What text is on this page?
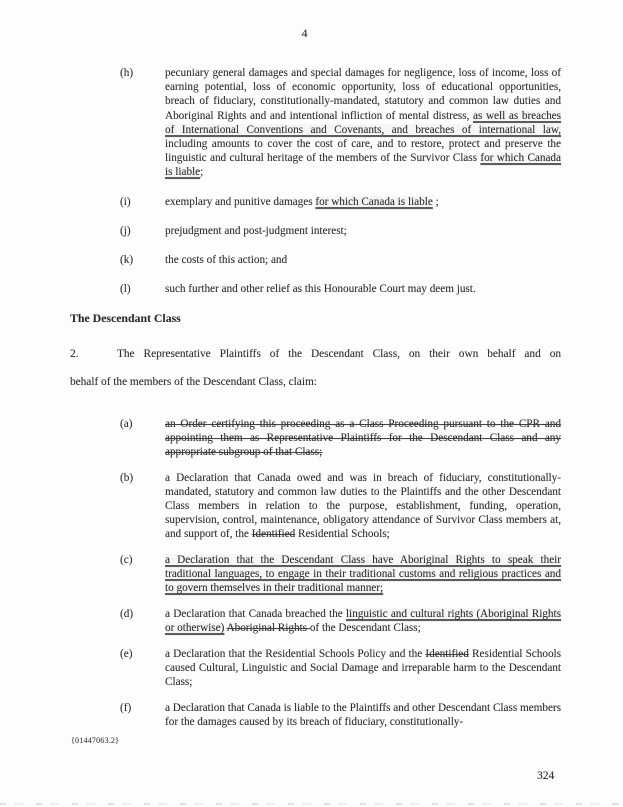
4
(h)	pecuniary general damages and special damages for negligence, loss of income, loss of earning potential, loss of economic opportunity, loss of educational opportunities, breach of fiduciary, constitutionally-mandated, statutory and common law duties and Aboriginal Rights and and intentional infliction of mental distress, as well as breaches of International Conventions and Covenants, and breaches of international law, including amounts to cover the cost of care, and to restore, protect and preserve the linguistic and cultural heritage of the members of the Survivor Class for which Canada is liable;
(i)	exemplary and punitive damages for which Canada is liable ;
(j)	prejudgment and post-judgment interest;
(k)	the costs of this action; and
(l)	such further and other relief as this Honourable Court may deem just.
The Descendant Class
2.	The Representative Plaintiffs of the Descendant Class, on their own behalf and on
behalf of the members of the Descendant Class, claim:
(a)	an Order certifying this proceeding as a Class Proceeding pursuant to the CPR and appointing them as Representative Plaintiffs for the Descendant Class and any appropriate subgroup of that Class;
(b)	a Declaration that Canada owed and was in breach of fiduciary, constitutionally-mandated, statutory and common law duties to the Plaintiffs and the other Descendant Class members in relation to the purpose, establishment, funding, operation, supervision, control, maintenance, obligatory attendance of Survivor Class members at, and support of, the Identified Residential Schools;
(c)	a Declaration that the Descendant Class have Aboriginal Rights to speak their traditional languages, to engage in their traditional customs and religious practices and to govern themselves in their traditional manner;
(d)	a Declaration that Canada breached the linguistic and cultural rights (Aboriginal Rights or otherwise) Aboriginal Rights of the Descendant Class;
(e)	a Declaration that the Residential Schools Policy and the Identified Residential Schools caused Cultural, Linguistic and Social Damage and irreparable harm to the Descendant Class;
(f)	a Declaration that Canada is liable to the Plaintiffs and other Descendant Class members for the damages caused by its breach of fiduciary, constitutionally-
{01447063.2}
324
